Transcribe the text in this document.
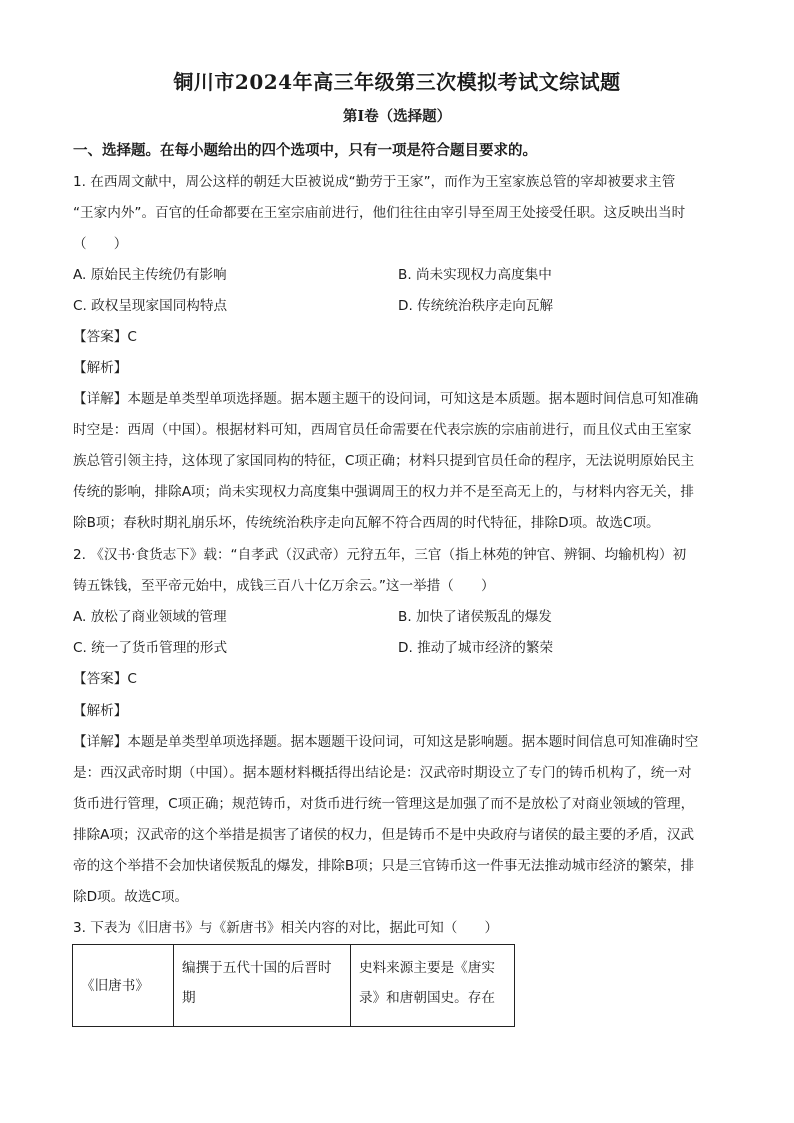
铜川市2024年高三年级第三次模拟考试文综试题
第Ⅰ卷（选择题）
一、选择题。在每小题给出的四个选项中，只有一项是符合题目要求的。
1. 在西周文献中，周公这样的朝廷大臣被说成“勤劳于王家”，而作为王室家族总管的宰却被要求主管
“王家内外”。百官的任命都要在王室宗庙前进行，他们往往由宰引导至周王处接受任职。这反映出当时
（　　）
A. 原始民主传统仍有影响	B. 尚未实现权力高度集中
C. 政权呈现家国同构特点	D. 传统统治秩序走向瓦解
【答案】C
【解析】
【详解】本题是单类型单项选择题。据本题主题干的设问词，可知这是本质题。据本题时间信息可知准确
时空是：西周（中国）。根据材料可知，西周官员任命需要在代表宗族的宗庙前进行，而且仪式由王室家
族总管引领主持，这体现了家国同构的特征，C项正确；材料只提到官员任命的程序，无法说明原始民主
传统的影响，排除A项；尚未实现权力高度集中强调周王的权力并不是至高无上的，与材料内容无关，排
除B项；春秋时期礼崩乐坏，传统统治秩序走向瓦解不符合西周的时代特征，排除D项。故选C项。
2. 《汉书·食货志下》载：“自孝武（汉武帝）元狩五年，三官（指上林苑的钟官、辨铜、均输机构）初
铸五铢钱，至平帝元始中，成钱三百八十亿万余云。”这一举措（　　）
A. 放松了商业领域的管理	B. 加快了诸侯叛乱的爆发
C. 统一了货币管理的形式	D. 推动了城市经济的繁荣
【答案】C
【解析】
【详解】本题是单类型单项选择题。据本题题干设问词，可知这是影响题。据本题时间信息可知准确时空
是：西汉武帝时期（中国）。据本题材料概括得出结论是：汉武帝时期设立了专门的铸币机构了，统一对
货币进行管理，C项正确；规范铸币，对货币进行统一管理这是加强了而不是放松了对商业领域的管理，
排除A项；汉武帝的这个举措是损害了诸侯的权力，但是铸币不是中央政府与诸侯的最主要的矛盾，汉武
帝的这个举措不会加快诸侯叛乱的爆发，排除B项；只是三官铸币这一件事无法推动城市经济的繁荣，排
除D项。故选C项。
3. 下表为《旧唐书》与《新唐书》相关内容的对比，据此可知（　　）
《旧唐书》	编撰于五代十国的后晋时期	史料来源主要是《唐实录》和唐朝国史。存在
